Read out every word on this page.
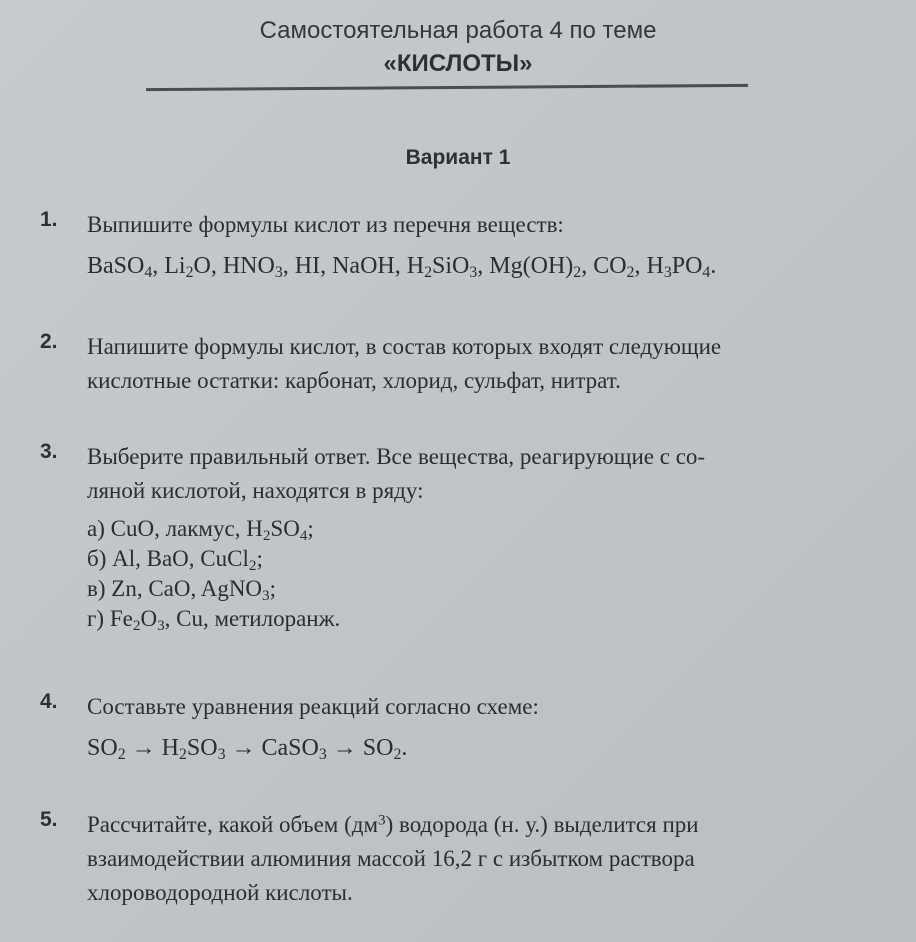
Самостоятельная работа 4 по теме
«КИСЛОТЫ»
Вариант 1
1.	Выпишите формулы кислот из перечня веществ:
BaSO$_4$, $Li_2O$, $HNO_3$, HI, NaOH, $H_2SiO_3$, $Mg(OH)_2$, $CO_2$, $H_3PO_4$.
2.	Напишите формулы кислот, в состав которых входят следующие
кислотные остатки: карбонат, хлорид, сульфат, нитрат.
3.	Выберите правильный ответ. Все вещества, реагирующие с со-
ляной кислотой, находятся в ряду:
а) CuO, лакмус, $H_2SO_4$;
б) Al, BaO, CuCl$_2$;
в) Zn, CaO, AgNO$_3$;
г) $Fe_2O_3$, Cu, метилоранж.
4.	Составьте уравнения реакций согласно схеме:
$SO_2 \to H_2SO_3$ → CaSO$_3$ → $SO_2$.
5.	Рассчитайте, какой объем $(дм^3)$ водорода (н. у.) выделится при
взаимодействии алюминия массой 16,2 г с избытком раствора
хлороводородной кислоты.
